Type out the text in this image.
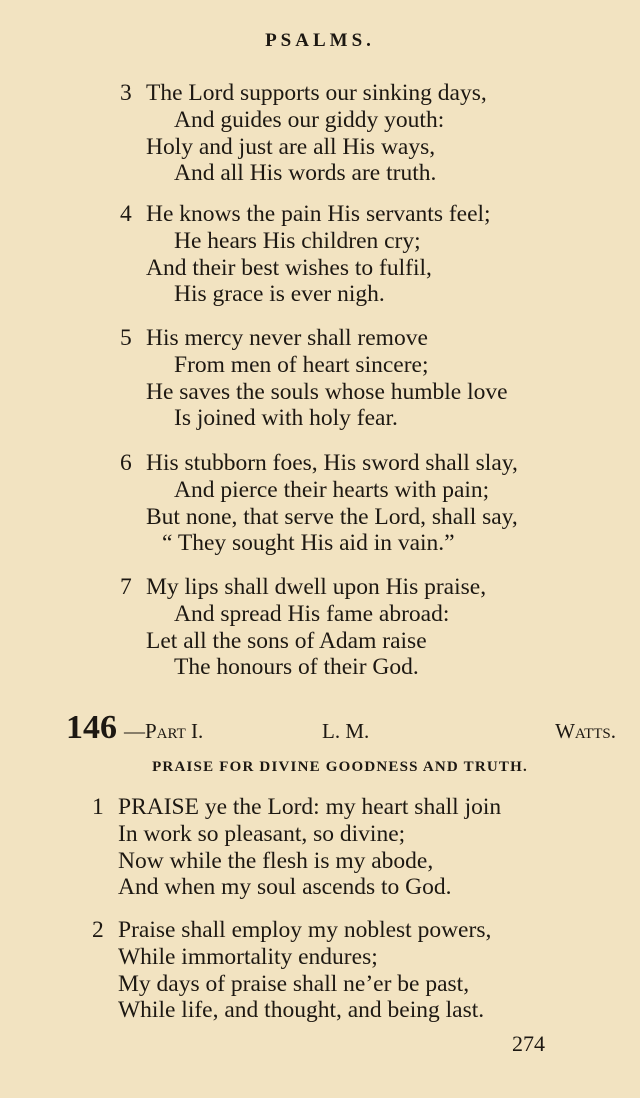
PSALMS.
3 The Lord supports our sinking days,
And guides our giddy youth:
Holy and just are all His ways,
And all His words are truth.
4 He knows the pain His servants feel;
He hears His children cry;
And their best wishes to fulfil,
His grace is ever nigh.
5 His mercy never shall remove
From men of heart sincere;
He saves the souls whose humble love
Is joined with holy fear.
6 His stubborn foes, His sword shall slay,
And pierce their hearts with pain;
But none, that serve the Lord, shall say,
“ They sought His aid in vain.”
7 My lips shall dwell upon His praise,
And spread His fame abroad:
Let all the sons of Adam raise
The honours of their God.
146 —Part I.	L. M.	Watts.
PRAISE FOR DIVINE GOODNESS AND TRUTH.
1 PRAISE ye the Lord: my heart shall join
In work so pleasant, so divine;
Now while the flesh is my abode,
And when my soul ascends to God.
2 Praise shall employ my noblest powers,
While immortality endures;
My days of praise shall ne’er be past,
While life, and thought, and being last.
274
